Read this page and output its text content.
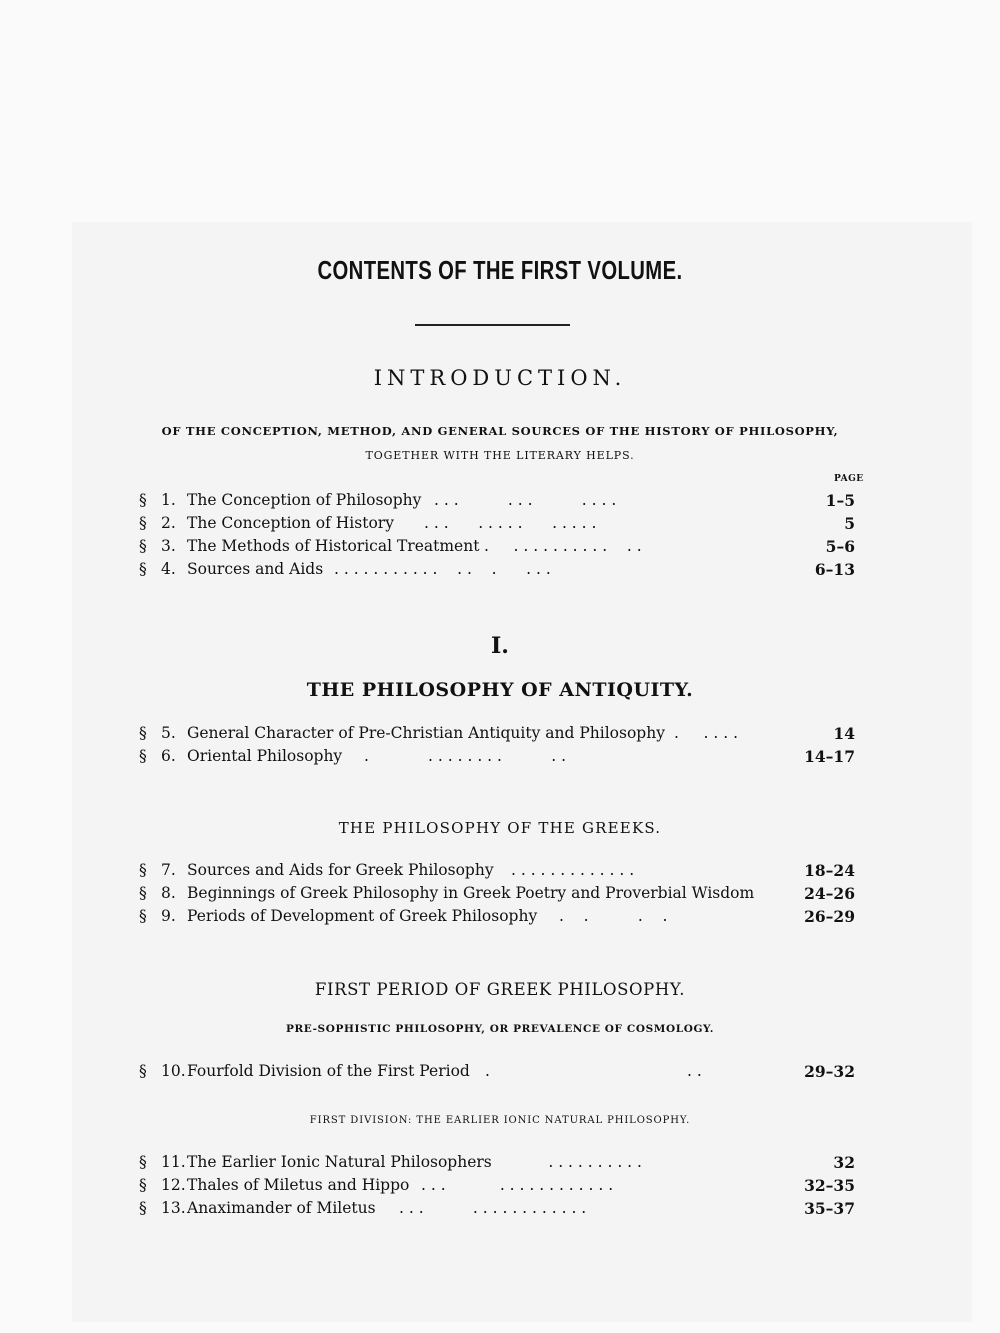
CONTENTS OF THE FIRST VOLUME.
INTRODUCTION.
OF THE CONCEPTION, METHOD, AND GENERAL SOURCES OF THE HISTORY OF PHILOSOPHY,
TOGETHER WITH THE LITERARY HELPS.
PAGE
§ 1. The Conception of Philosophy . . .          . . .          . . . .	1–5
§ 2. The Conception of History . . .      . . . . .      . . . . .	5
§ 3. The Methods of Historical Treatment .     . . . . . . . . . .    . .	5–6
§ 4. Sources and Aids . . . . . . . . . . .    . .    .      . . .	6–13
I.
THE PHILOSOPHY OF ANTIQUITY.
§ 5. General Character of Pre-Christian Antiquity and Philosophy .     . . . .	14
§ 6. Oriental Philosophy .            . . . . . . . .          . .	14–17
THE PHILOSOPHY OF THE GREEKS.
§ 7. Sources and Aids for Greek Philosophy . . . . . . . . . . . . .	18–24
§ 8. Beginnings of Greek Philosophy in Greek Poetry and Proverbial Wisdom	24–26
§ 9. Periods of Development of Greek Philosophy .    .          .    .	26–29
FIRST PERIOD OF GREEK PHILOSOPHY.
PRE-SOPHISTIC PHILOSOPHY, OR PREVALENCE OF COSMOLOGY.
§ 10. Fourfold Division of the First Period .                                        . .	29–32
FIRST DIVISION: THE EARLIER IONIC NATURAL PHILOSOPHY.
§ 11. The Earlier Ionic Natural Philosophers . . . . . . . . . .	32
§ 12. Thales of Miletus and Hippo . . .           . . . . . . . . . . . .	32–35
§ 13. Anaximander of Miletus . . .          . . . . . . . . . . . .	35–37
